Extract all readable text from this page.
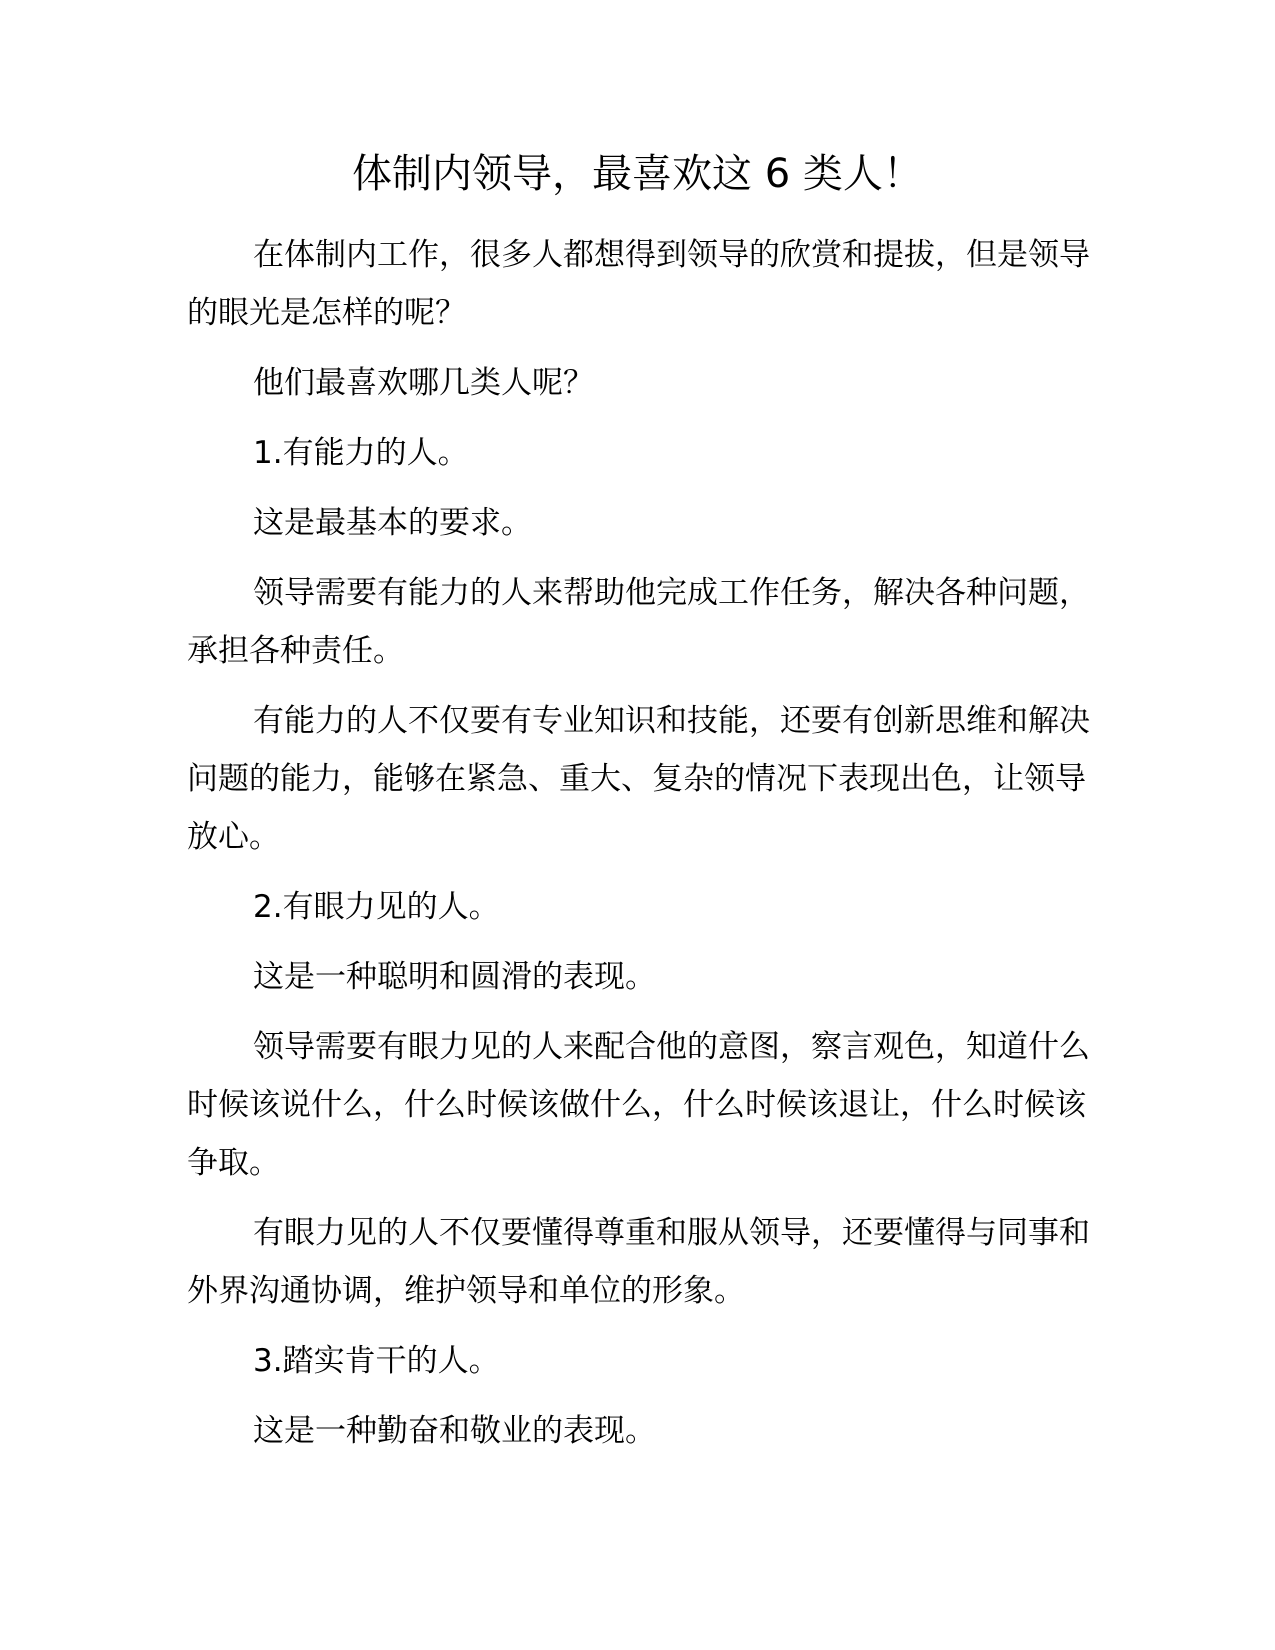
体制内领导，最喜欢这 6 类人！

在体制内工作，很多人都想得到领导的欣赏和提拔，但是领导的眼光是怎样的呢？

他们最喜欢哪几类人呢？

1.有能力的人。

这是最基本的要求。

领导需要有能力的人来帮助他完成工作任务，解决各种问题，承担各种责任。

有能力的人不仅要有专业知识和技能，还要有创新思维和解决问题的能力，能够在紧急、重大、复杂的情况下表现出色，让领导放心。

2.有眼力见的人。

这是一种聪明和圆滑的表现。

领导需要有眼力见的人来配合他的意图，察言观色，知道什么时候该说什么，什么时候该做什么，什么时候该退让，什么时候该争取。

有眼力见的人不仅要懂得尊重和服从领导，还要懂得与同事和外界沟通协调，维护领导和单位的形象。

3.踏实肯干的人。

这是一种勤奋和敬业的表现。
